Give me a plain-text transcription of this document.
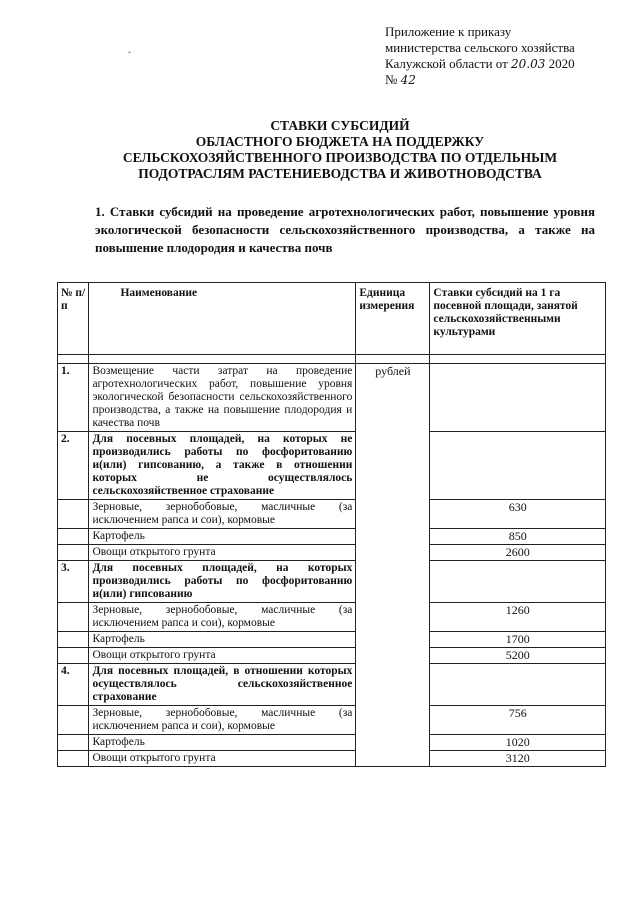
Приложение к приказу
министерства сельского хозяйства
Калужской области от 20.03 2020
№ 42
ˇ
СТАВКИ СУБСИДИЙ
ОБЛАСТНОГО БЮДЖЕТА НА ПОДДЕРЖКУ
СЕЛЬСКОХОЗЯЙСТВЕННОГО ПРОИЗВОДСТВА ПО ОТДЕЛЬНЫМ
ПОДОТРАСЛЯМ РАСТЕНИЕВОДСТВА И ЖИВОТНОВОДСТВА
1. Ставки субсидий на проведение агротехнологических работ, повышение уровня экологической безопасности сельскохозяйственного производства, а также на повышение плодородия и качества почв
№ п/п	Наименование	Единица измерения	Ставки субсидий на 1 га посевной площади, занятой сельскохозяйственными культурами

1.	Возмещение части затрат на проведение агротехнологических работ, повышение уровня экологической безопасности сельскохозяйственного производства, а также на повышение плодородия и качества почв	рублей	
2.	Для посевных площадей, на которых не производились работы по фосфоритованию и(или) гипсованию, а также в отношении которых не осуществлялось сельскохозяйственное страхование		
	Зерновые, зернобобовые, масличные (за исключением рапса и сои), кормовые		630
	Картофель		850
	Овощи открытого грунта		2600
3.	Для посевных площадей, на которых производились работы по фосфоритованию и(или) гипсованию		
	Зерновые, зернобобовые, масличные (за исключением рапса и сои), кормовые		1260
	Картофель		1700
	Овощи открытого грунта		5200
4.	Для посевных площадей, в отношении которых осуществлялось сельскохозяйственное страхование		
	Зерновые, зернобобовые, масличные (за исключением рапса и сои), кормовые		756
	Картофель		1020
	Овощи открытого грунта		3120
